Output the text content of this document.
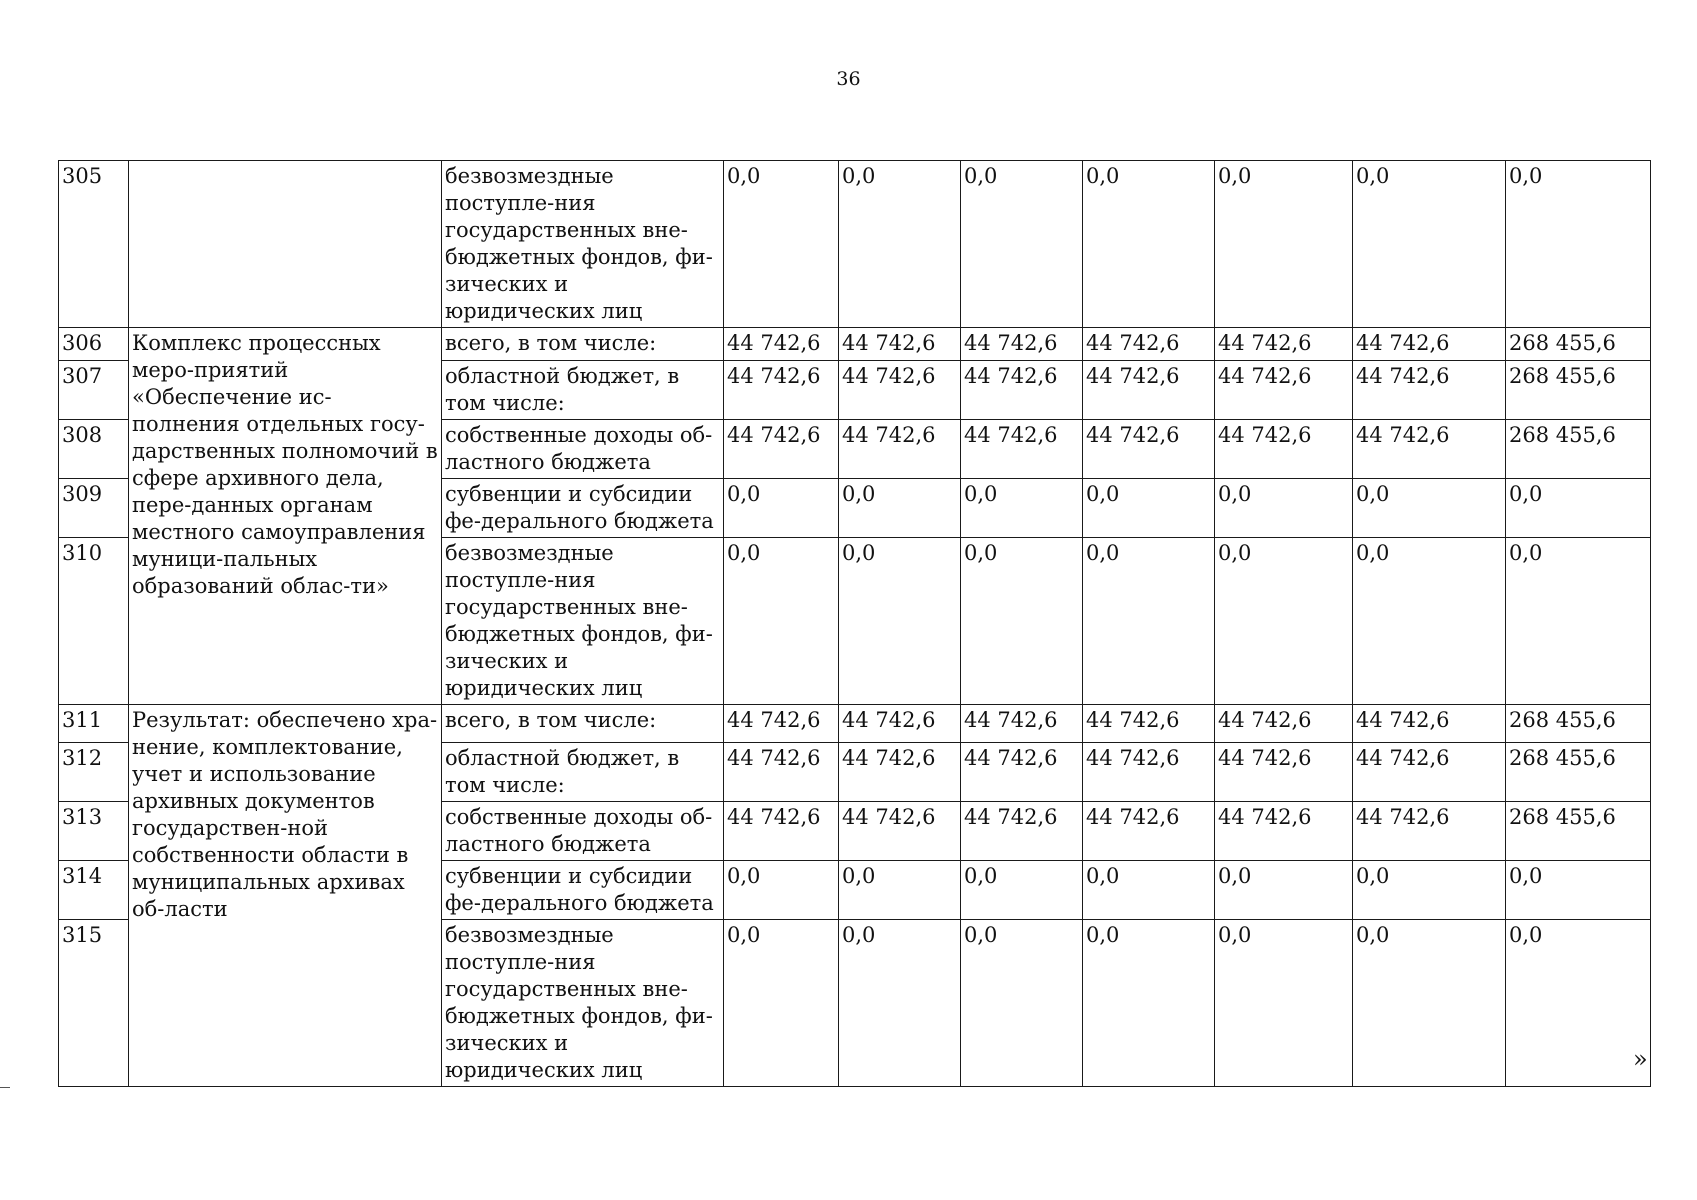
36
305		безвозмездные поступле-ния государственных вне-бюджетных фондов, фи-зических и юридических лиц	0,0	0,0	0,0	0,0	0,0	0,0	0,0
306	Комплекс процессных меро-приятий «Обеспечение ис-полнения отдельных госу-дарственных полномочий в сфере архивного дела, пере-данных органам местного самоуправления муници-пальных образований облас-ти»	всего, в том числе:	44 742,6	44 742,6	44 742,6	44 742,6	44 742,6	44 742,6	268 455,6
307		областной бюджет, в том числе:	44 742,6	44 742,6	44 742,6	44 742,6	44 742,6	44 742,6	268 455,6
308		собственные доходы об-ластного бюджета	44 742,6	44 742,6	44 742,6	44 742,6	44 742,6	44 742,6	268 455,6
309		субвенции и субсидии фе-дерального бюджета	0,0	0,0	0,0	0,0	0,0	0,0	0,0
310		безвозмездные поступле-ния государственных вне-бюджетных фондов, фи-зических и юридических лиц	0,0	0,0	0,0	0,0	0,0	0,0	0,0
311	Результат: обеспечено хра-нение, комплектование, учет и использование архивных документов государствен-ной собственности области в муниципальных архивах об-ласти	всего, в том числе:	44 742,6	44 742,6	44 742,6	44 742,6	44 742,6	44 742,6	268 455,6
312		областной бюджет, в том числе:	44 742,6	44 742,6	44 742,6	44 742,6	44 742,6	44 742,6	268 455,6
313		собственные доходы об-ластного бюджета	44 742,6	44 742,6	44 742,6	44 742,6	44 742,6	44 742,6	268 455,6
314		субвенции и субсидии фе-дерального бюджета	0,0	0,0	0,0	0,0	0,0	0,0	0,0
315		безвозмездные поступле-ния государственных вне-бюджетных фондов, фи-зических и юридических лиц	0,0	0,0	0,0	0,0	0,0	0,0	0,0
»
